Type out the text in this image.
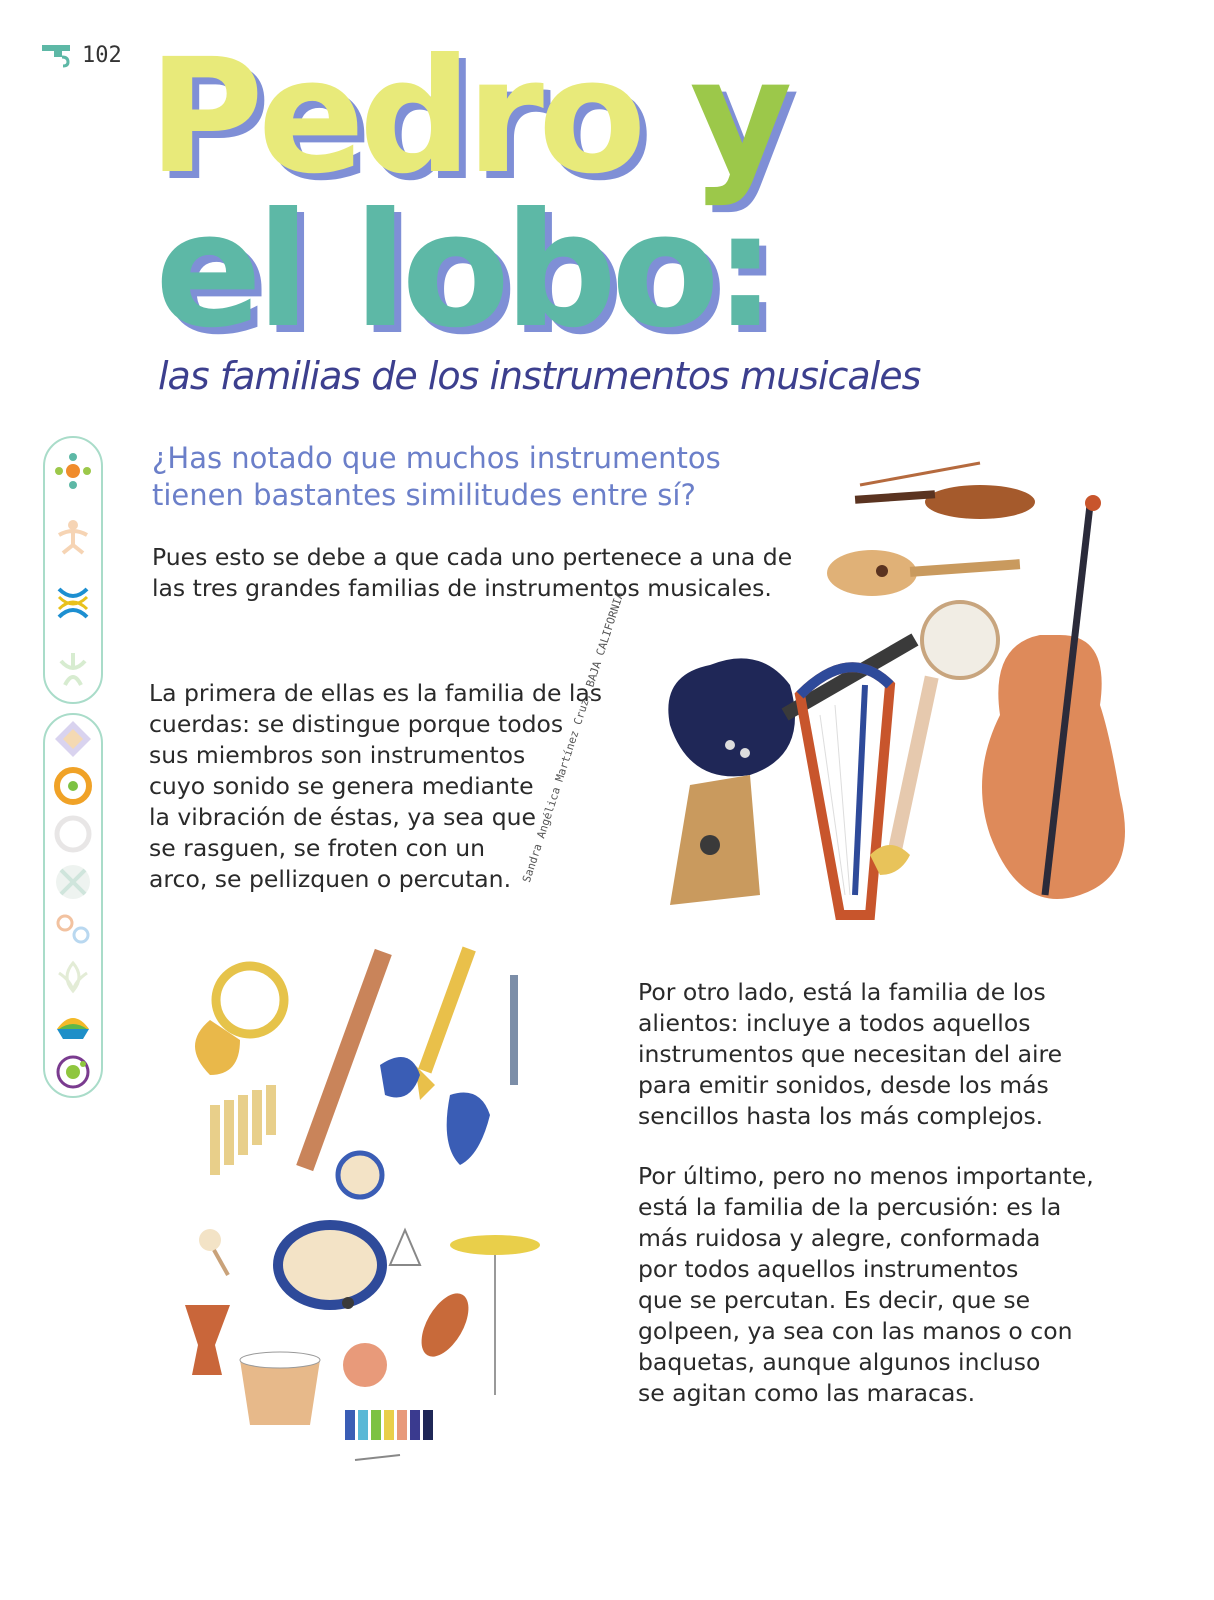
102 Pedro y
el lobo:
las familias de los instrumentos musicales
¿Has notado que muchos instrumentos
tienen bastantes similitudes entre sí?
Pues esto se debe a que cada uno pertenece a una de
las tres grandes familias de instrumentos musicales.
La primera de ellas es la familia de las
cuerdas: se distingue porque todos
sus miembros son instrumentos
cuyo sonido se genera mediante
la vibración de éstas, ya sea que
se rasguen, se froten con un
arco, se pellizquen o percutan.
Por otro lado, está la familia de los
alientos: incluye a todos aquellos
instrumentos que necesitan del aire
para emitir sonidos, desde los más
sencillos hasta los más complejos.
Por último, pero no menos importante,
está la familia de la percusión: es la
más ruidosa y alegre, conformada
por todos aquellos instrumentos
que se percutan. Es decir, que se
golpeen, ya sea con las manos o con
baquetas, aunque algunos incluso
se agitan como las maracas.
Sandra Angélica Martínez Cruz, BAJA CALIFORNIA
